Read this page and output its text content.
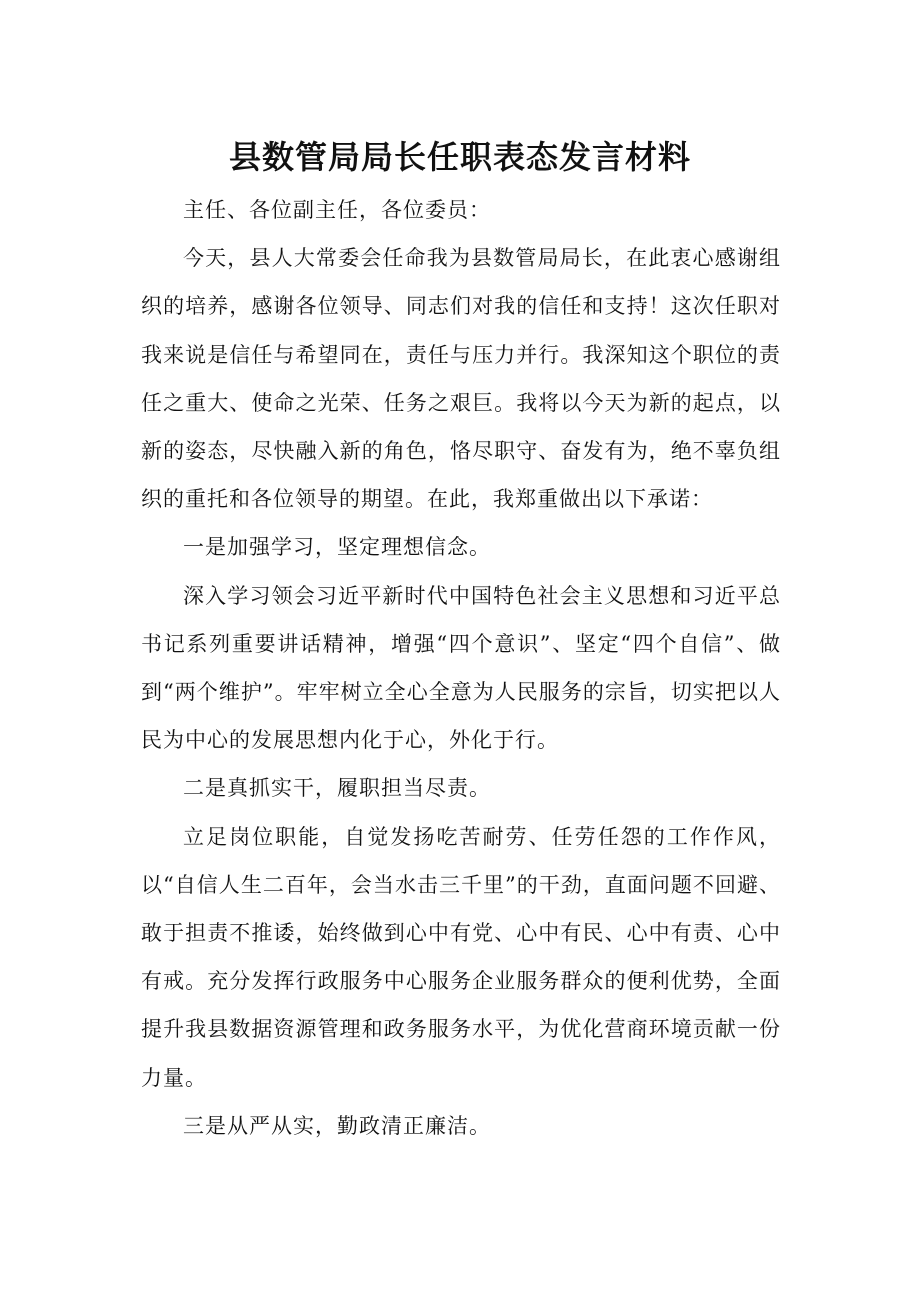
县数管局局长任职表态发言材料

主任、各位副主任，各位委员：

今天，县人大常委会任命我为县数管局局长，在此衷心感谢组织的培养，感谢各位领导、同志们对我的信任和支持！这次任职对我来说是信任与希望同在，责任与压力并行。我深知这个职位的责任之重大、使命之光荣、任务之艰巨。我将以今天为新的起点，以新的姿态，尽快融入新的角色，恪尽职守、奋发有为，绝不辜负组织的重托和各位领导的期望。在此，我郑重做出以下承诺：

一是加强学习，坚定理想信念。

深入学习领会习近平新时代中国特色社会主义思想和习近平总书记系列重要讲话精神，增强“四个意识”、坚定“四个自信”、做到“两个维护”。牢牢树立全心全意为人民服务的宗旨，切实把以人民为中心的发展思想内化于心，外化于行。

二是真抓实干，履职担当尽责。

立足岗位职能，自觉发扬吃苦耐劳、任劳任怨的工作作风，以“自信人生二百年，会当水击三千里”的干劲，直面问题不回避、敢于担责不推诿，始终做到心中有党、心中有民、心中有责、心中有戒。充分发挥行政服务中心服务企业服务群众的便利优势，全面提升我县数据资源管理和政务服务水平，为优化营商环境贡献一份力量。

三是从严从实，勤政清正廉洁。
